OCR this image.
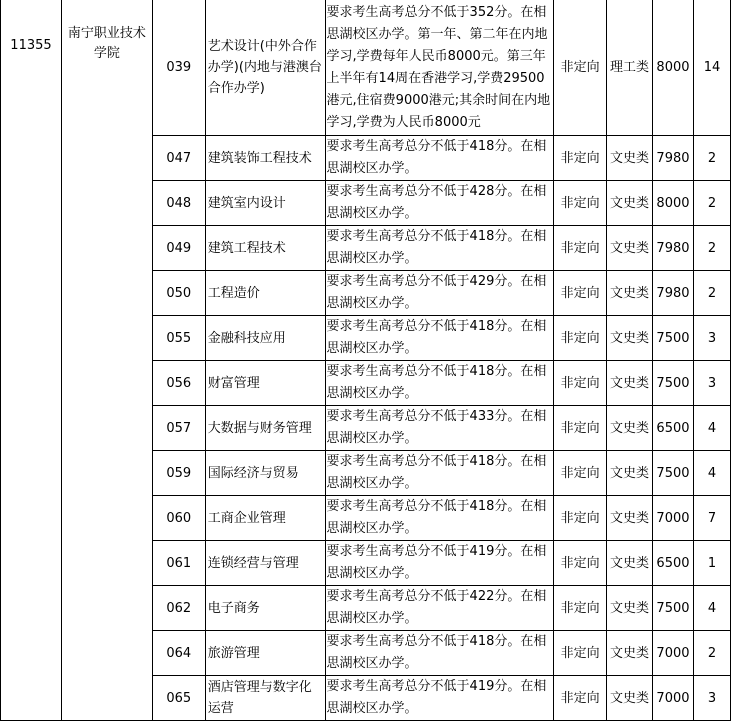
11355	南宁职业技术学院	039	艺术设计(中外合作办学)(内地与港澳台合作办学)	要求考生高考总分不低于352分。在相思湖校区办学。第一年、第二年在内地学习,学费每年人民币8000元。第三年上半年有14周在香港学习,学费29500港元,住宿费9000港元;其余时间在内地学习,学费为人民币8000元	非定向	理工类	8000	14
		047	建筑装饰工程技术	要求考生高考总分不低于418分。在相思湖校区办学。	非定向	文史类	7980	2
		048	建筑室内设计	要求考生高考总分不低于428分。在相思湖校区办学。	非定向	文史类	8000	2
		049	建筑工程技术	要求考生高考总分不低于418分。在相思湖校区办学。	非定向	文史类	7980	2
		050	工程造价	要求考生高考总分不低于429分。在相思湖校区办学。	非定向	文史类	7980	2
		055	金融科技应用	要求考生高考总分不低于418分。在相思湖校区办学。	非定向	文史类	7500	3
		056	财富管理	要求考生高考总分不低于418分。在相思湖校区办学。	非定向	文史类	7500	3
		057	大数据与财务管理	要求考生高考总分不低于433分。在相思湖校区办学。	非定向	文史类	6500	4
		059	国际经济与贸易	要求考生高考总分不低于418分。在相思湖校区办学。	非定向	文史类	7500	4
		060	工商企业管理	要求考生高考总分不低于418分。在相思湖校区办学。	非定向	文史类	7000	7
		061	连锁经营与管理	要求考生高考总分不低于419分。在相思湖校区办学。	非定向	文史类	6500	1
		062	电子商务	要求考生高考总分不低于422分。在相思湖校区办学。	非定向	文史类	7500	4
		064	旅游管理	要求考生高考总分不低于418分。在相思湖校区办学。	非定向	文史类	7000	2
		065	酒店管理与数字化运营	要求考生高考总分不低于419分。在相思湖校区办学。	非定向	文史类	7000	3
